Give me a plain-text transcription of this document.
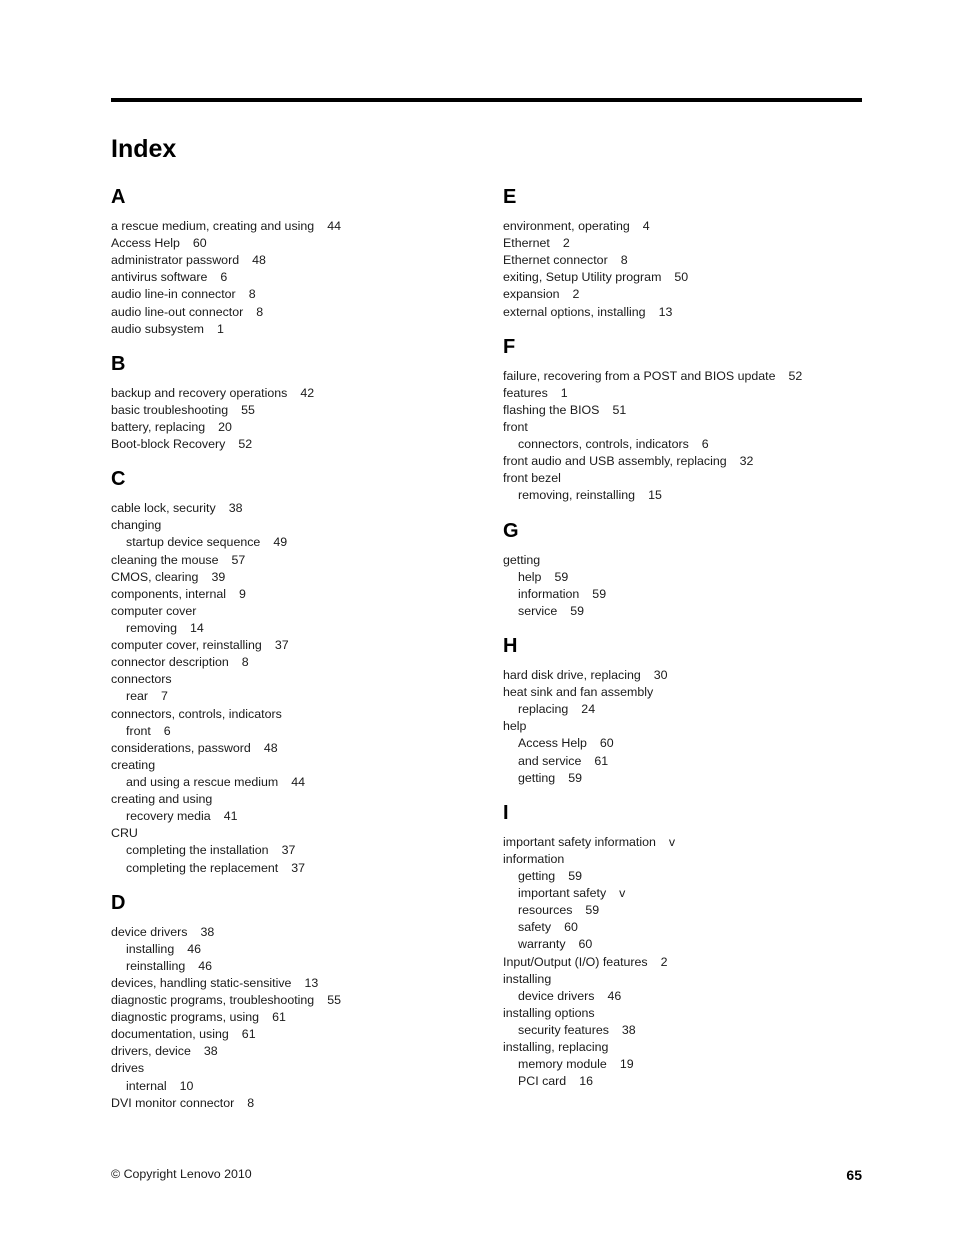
Index
A
a rescue medium, creating and using 44
Access Help 60
administrator password 48
antivirus software 6
audio line-in connector 8
audio line-out connector 8
audio subsystem 1
B
backup and recovery operations 42
basic troubleshooting 55
battery, replacing 20
Boot-block Recovery 52
C
cable lock, security 38
changing
startup device sequence 49
cleaning the mouse 57
CMOS, clearing 39
components, internal 9
computer cover
removing 14
computer cover, reinstalling 37
connector description 8
connectors
rear 7
connectors, controls, indicators
front 6
considerations, password 48
creating
and using a rescue medium 44
creating and using
recovery media 41
CRU
completing the installation 37
completing the replacement 37
D
device drivers 38
installing 46
reinstalling 46
devices, handling static-sensitive 13
diagnostic programs, troubleshooting 55
diagnostic programs, using 61
documentation, using 61
drivers, device 38
drives
internal 10
DVI monitor connector 8
E
environment, operating 4
Ethernet 2
Ethernet connector 8
exiting, Setup Utility program 50
expansion 2
external options, installing 13
F
failure, recovering from a POST and BIOS update 52
features 1
flashing the BIOS 51
front
connectors, controls, indicators 6
front audio and USB assembly, replacing 32
front bezel
removing, reinstalling 15
G
getting
help 59
information 59
service 59
H
hard disk drive, replacing 30
heat sink and fan assembly
replacing 24
help
Access Help 60
and service 61
getting 59
I
important safety information v
information
getting 59
important safety v
resources 59
safety 60
warranty 60
Input/Output (I/O) features 2
installing
device drivers 46
installing options
security features 38
installing, replacing
memory module 19
PCI card 16
© Copyright Lenovo 2010	65
